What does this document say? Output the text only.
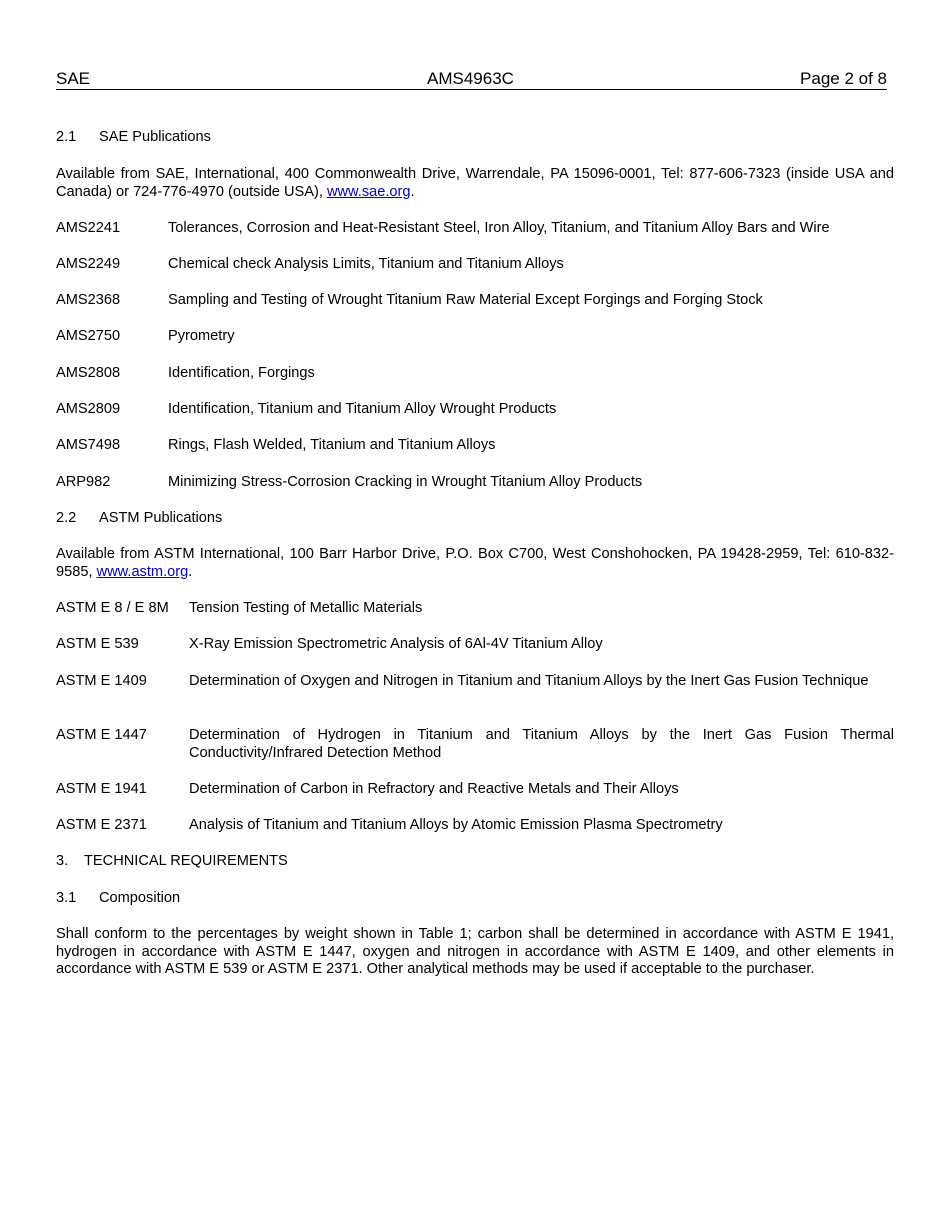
SAE	AMS4963C	Page 2 of 8
2.1 SAE Publications
Available from SAE, International, 400 Commonwealth Drive, Warrendale, PA 15096-0001, Tel: 877-606-7323 (inside USA and Canada) or 724-776-4970 (outside USA), www.sae.org.
AMS2241	Tolerances, Corrosion and Heat-Resistant Steel, Iron Alloy, Titanium, and Titanium Alloy Bars and Wire
AMS2249	Chemical check Analysis Limits, Titanium and Titanium Alloys
AMS2368	Sampling and Testing of Wrought Titanium Raw Material Except Forgings and Forging Stock
AMS2750	Pyrometry
AMS2808	Identification, Forgings
AMS2809	Identification, Titanium and Titanium Alloy Wrought Products
AMS7498	Rings, Flash Welded, Titanium and Titanium Alloys
ARP982	Minimizing Stress-Corrosion Cracking in Wrought Titanium Alloy Products
2.2 ASTM Publications
Available from ASTM International, 100 Barr Harbor Drive, P.O. Box C700, West Conshohocken, PA 19428-2959, Tel: 610-832-9585, www.astm.org.
ASTM E 8 / E 8M Tension Testing of Metallic Materials
ASTM E 539	X-Ray Emission Spectrometric Analysis of 6Al-4V Titanium Alloy
ASTM E 1409	Determination of Oxygen and Nitrogen in Titanium and Titanium Alloys by the Inert Gas Fusion Technique
ASTM E 1447	Determination of Hydrogen in Titanium and Titanium Alloys by the Inert Gas Fusion Thermal Conductivity/Infrared Detection Method
ASTM E 1941	Determination of Carbon in Refractory and Reactive Metals and Their Alloys
ASTM E 2371	Analysis of Titanium and Titanium Alloys by Atomic Emission Plasma Spectrometry
3. TECHNICAL REQUIREMENTS
3.1 Composition
Shall conform to the percentages by weight shown in Table 1; carbon shall be determined in accordance with ASTM E 1941, hydrogen in accordance with ASTM E 1447, oxygen and nitrogen in accordance with ASTM E 1409, and other elements in accordance with ASTM E 539 or ASTM E 2371. Other analytical methods may be used if acceptable to the purchaser.
